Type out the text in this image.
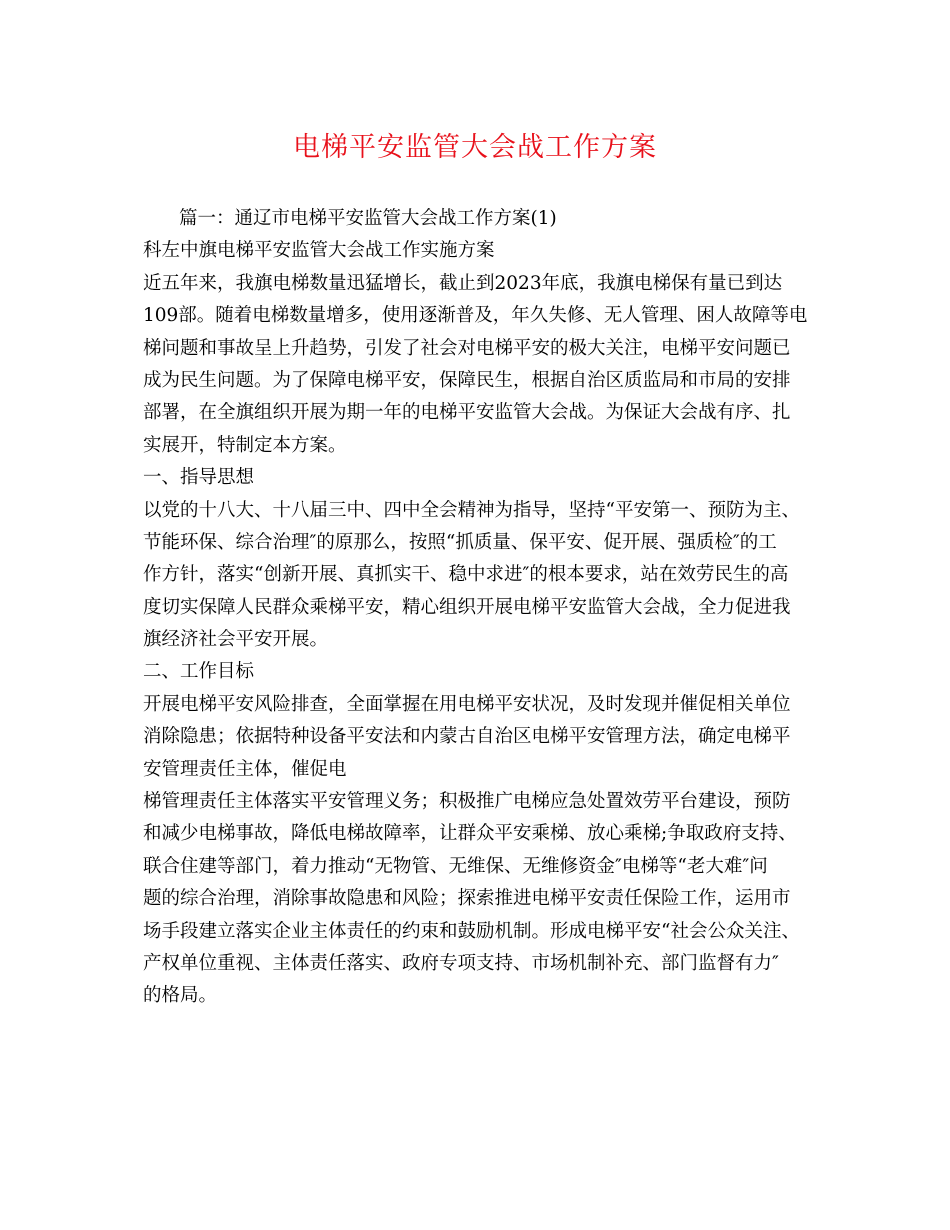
电梯平安监管大会战工作方案
篇一：通辽市电梯平安监管大会战工作方案(1)
科左中旗电梯平安监管大会战工作实施方案
近五年来，我旗电梯数量迅猛增长，截止到2023年底，我旗电梯保有量已到达
109部。随着电梯数量增多，使用逐渐普及，年久失修、无人管理、困人故障等电
梯问题和事故呈上升趋势，引发了社会对电梯平安的极大关注，电梯平安问题已
成为民生问题。为了保障电梯平安，保障民生，根据自治区质监局和市局的安排
部署，在全旗组织开展为期一年的电梯平安监管大会战。为保证大会战有序、扎
实展开，特制定本方案。
一、指导思想
以党的十八大、十八届三中、四中全会精神为指导，坚持“平安第一、预防为主、
节能环保、综合治理″的原那么，按照“抓质量、保平安、促开展、强质检″的工
作方针，落实“创新开展、真抓实干、稳中求进″的根本要求，站在效劳民生的高
度切实保障人民群众乘梯平安，精心组织开展电梯平安监管大会战，全力促进我
旗经济社会平安开展。
二、工作目标
开展电梯平安风险排查，全面掌握在用电梯平安状况，及时发现并催促相关单位
消除隐患；依据特种设备平安法和内蒙古自治区电梯平安管理方法，确定电梯平
安管理责任主体，催促电
梯管理责任主体落实平安管理义务；积极推广电梯应急处置效劳平台建设，预防
和减少电梯事故，降低电梯故障率，让群众平安乘梯、放心乘梯;争取政府支持、
联合住建等部门，着力推动“无物管、无维保、无维修资金″电梯等“老大难″问
题的综合治理，消除事故隐患和风险；探索推进电梯平安责任保险工作，运用市
场手段建立落实企业主体责任的约束和鼓励机制。形成电梯平安“社会公众关注、
产权单位重视、主体责任落实、政府专项支持、市场机制补充、部门监督有力″
的格局。
